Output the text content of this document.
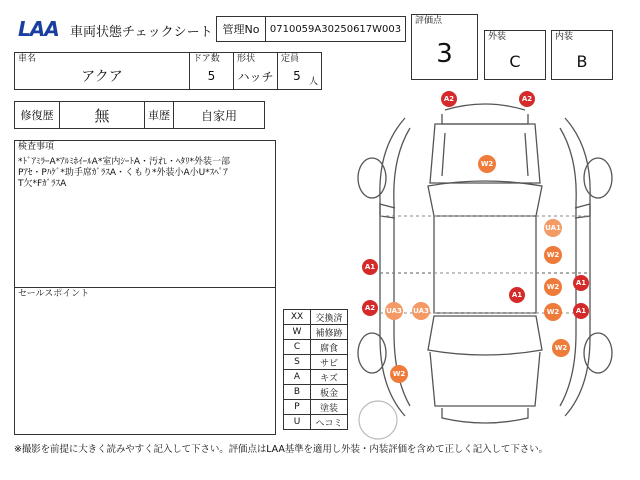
LAA 車両状態チェックシート 管理No	0710059A30250617W003
評価点
3
外装
C
内装
B
車名
アクア
ドア数
5
形状
ハッチ
定員
5 人
修復歴	無	車歴	自家用
検査事項
*ﾄﾞｱﾐﾗｰA*ｱﾙﾐﾎｲｰﾙA*室内ｼｰﾄA・汚れ・ﾍﾀﾘ*外装一部
Pｱｾ・Pﾊｹﾞ*助手席ｶﾞﾗｽA・くもり*外装小A小U*ｽﾍﾟｱ
T欠*FｶﾞﾗｽA
セールスポイント
XX	交換済
W	補修跡
C	腐食
S	サビ
A	キズ
B	板金
P	塗装
U	ヘコミ
A2	A2
W2
UA1
W2
A1
A1
W2
A1
A2	UA3 UA3	W2	A1
W2
W2
※撮影を前提に大きく読みやすく記入して下さい。評価点はLAA基準を適用し外装・内装評価を含めて正しく記入して下さい。
